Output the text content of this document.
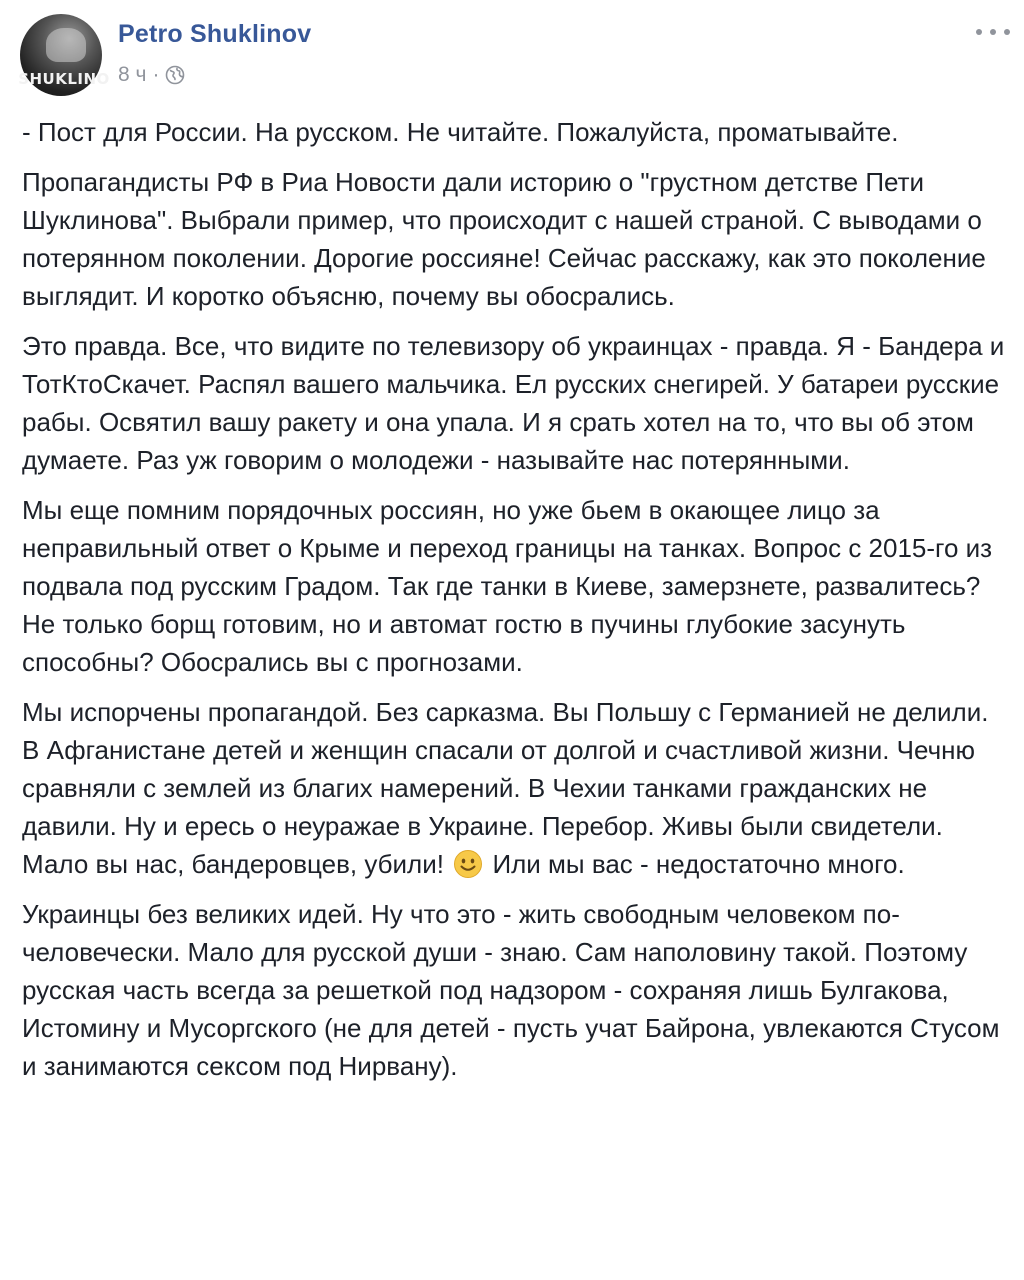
SHUKLINO
Petro Shuklinov
8 ч ·

- Пост для России. На русском. Не читайте. Пожалуйста, проматывайте.

Пропагандисты РФ в Риа Новости дали историю о "грустном детстве Пети Шуклинова". Выбрали пример, что происходит с нашей страной. С выводами о потерянном поколении. Дорогие россияне! Сейчас расскажу, как это поколение выглядит. И коротко объясню, почему вы обосрались.

Это правда. Все, что видите по телевизору об украинцах - правда. Я - Бандера и ТотКтоСкачет. Распял вашего мальчика. Ел русских снегирей. У батареи русские рабы. Освятил вашу ракету и она упала. И я срать хотел на то, что вы об этом думаете. Раз уж говорим о молодежи - называйте нас потерянными.

Мы еще помним порядочных россиян, но уже бьем в окающее лицо за неправильный ответ о Крыме и переход границы на танках. Вопрос с 2015-го из подвала под русским Градом. Так где танки в Киеве, замерзнете, развалитесь? Не только борщ готовим, но и автомат гостю в пучины глубокие засунуть способны? Обосрались вы с прогнозами.

Мы испорчены пропагандой. Без сарказма. Вы Польшу с Германией не делили. В Афганистане детей и женщин спасали от долгой и счастливой жизни. Чечню сравняли с землей из благих намерений. В Чехии танками гражданских не давили. Ну и ересь о неуражае в Украине. Перебор. Живы были свидетели. Мало вы нас, бандеровцев, убили! Или мы вас - недостаточно много.

Украинцы без великих идей. Ну что это - жить свободным человеком по-человечески. Мало для русской души - знаю. Сам наполовину такой. Поэтому русская часть всегда за решеткой под надзором - сохраняя лишь Булгакова, Истомину и Мусоргского (не для детей - пусть учат Байрона, увлекаются Стусом и занимаются сексом под Нирвану).
